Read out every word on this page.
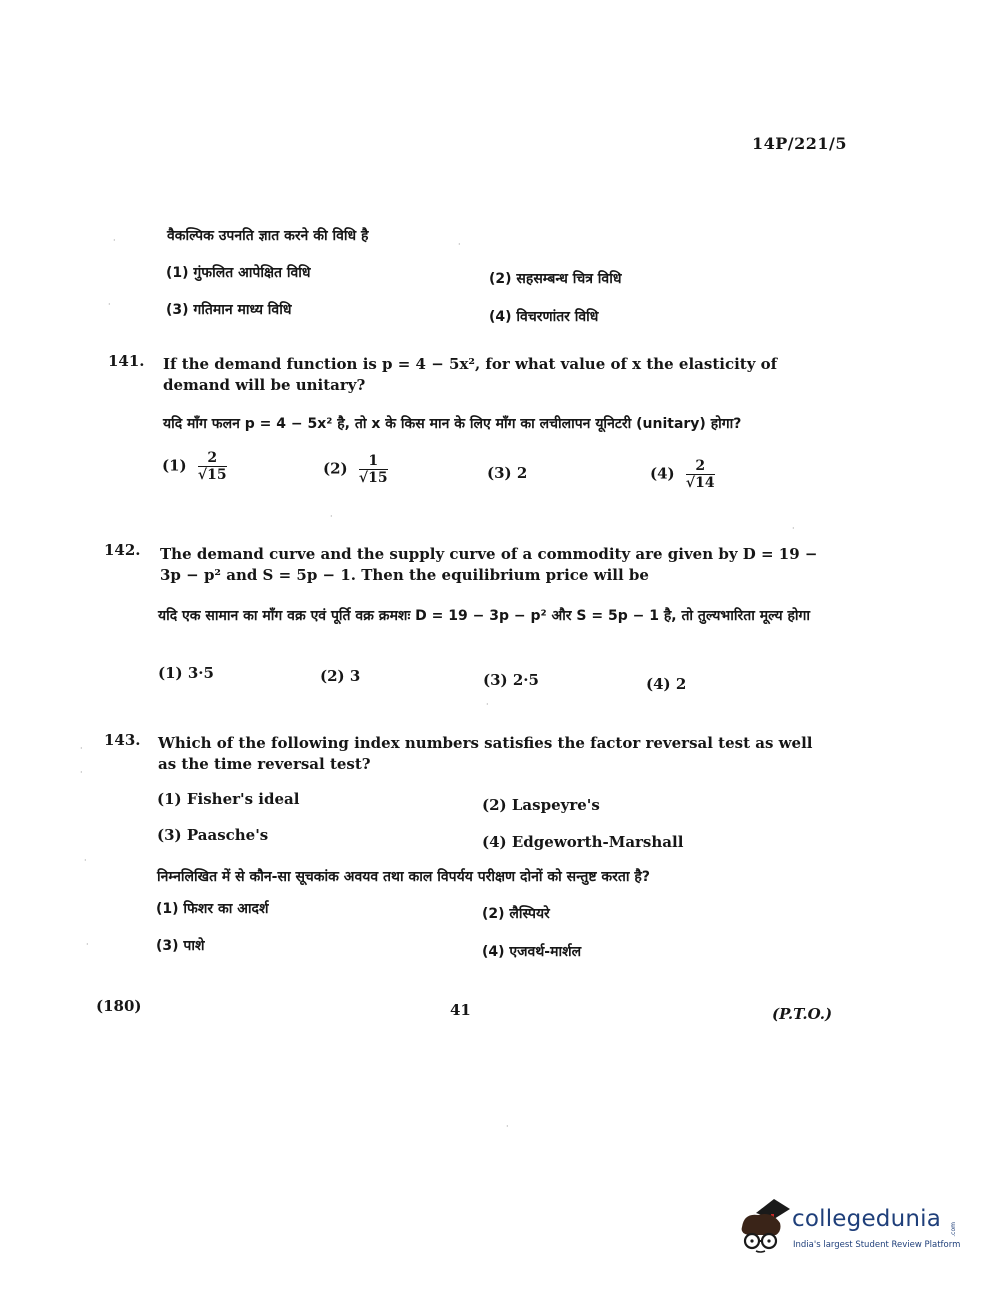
14P/221/5
वैकल्पिक उपनति ज्ञात करने की विधि है
(1) गुंफलित आपेक्षित विधि	(2) सहसम्बन्ध चित्र विधि
(3) गतिमान माध्य विधि	(4) विचरणांतर विधि
141. If the demand function is p = 4 − 5x², for what value of x the elasticity of demand will be unitary?
यदि माँग फलन p = 4 − 5x² है, तो x के किस मान के लिए माँग का लचीलापन यूनिटरी (unitary) होगा?
$(1) \frac{2}{√15}$	$(2) \frac{1}{√15}$	(3) 2	$(4) \frac{2}{√14}$
142. The demand curve and the supply curve of a commodity are given by D = 19 − 3p − p² and S = 5p − 1. Then the equilibrium price will be
यदि एक सामान का माँग वक्र एवं पूर्ति वक्र क्रमशः D = 19 − 3p − p² और S = 5p − 1 है, तो तुल्यभारिता मूल्य होगा
(1) 3·5	(2) 3	(3) 2·5	(4) 2
143. Which of the following index numbers satisfies the factor reversal test as well as the time reversal test?
(1) Fisher's ideal	(2) Laspeyre's
(3) Paasche's	(4) Edgeworth-Marshall
निम्नलिखित में से कौन-सा सूचकांक अवयव तथा काल विपर्यय परीक्षण दोनों को सन्तुष्ट करता है?
(1) फिशर का आदर्श	(2) लैस्पियरे
(3) पाशे	(4) एजवर्थ-मार्शल
(180)	41	(P.T.O.)
·	·
·
·
·
·
·
·
·
·
·
collegedunia .com
India's largest Student Review Platform
